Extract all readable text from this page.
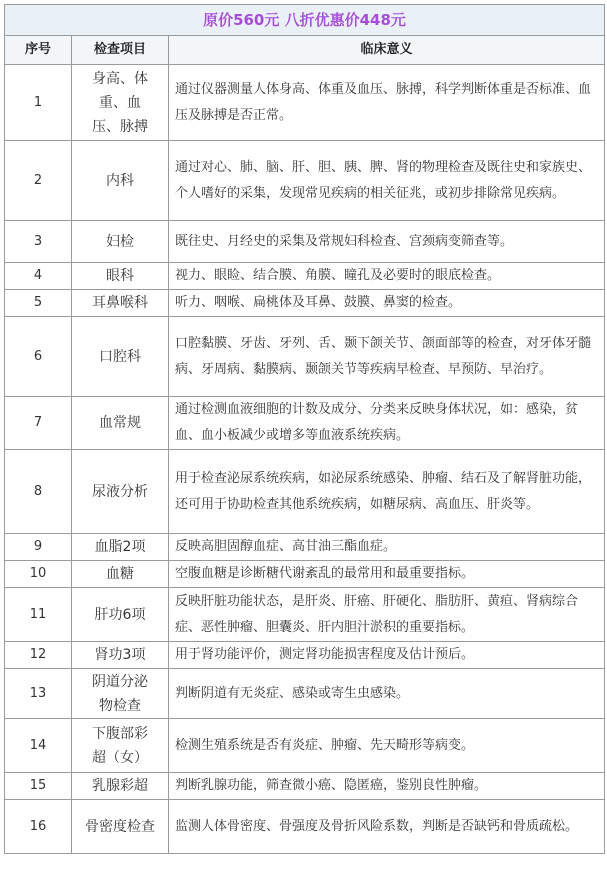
原价560元 八折优惠价448元		
序号	检查项目	临床意义
1	身高、体重、血压、脉搏	通过仪器测量人体身高、体重及血压、脉搏，科学判断体重是否标准、血压及脉搏是否正常。
2	内科	通过对心、肺、脑、肝、胆、胰、脾、肾的物理检查及既往史和家族史、个人嗜好的采集，发现常见疾病的相关征兆，或初步排除常见疾病。
3	妇检	既往史、月经史的采集及常规妇科检查、宫颈病变筛查等。
4	眼科	视力、眼睑、结合膜、角膜、瞳孔及必要时的眼底检查。
5	耳鼻喉科	听力、咽喉、扁桃体及耳鼻、鼓膜、鼻窦的检查。
6	口腔科	口腔黏膜、牙齿、牙列、舌、颞下颌关节、颌面部等的检查，对牙体牙髓病、牙周病、黏膜病、颞颌关节等疾病早检查、早预防、早治疗。
7	血常规	通过检测血液细胞的计数及成分、分类来反映身体状况，如：感染，贫血、血小板减少或增多等血液系统疾病。
8	尿液分析	用于检查泌尿系统疾病，如泌尿系统感染、肿瘤、结石及了解肾脏功能，还可用于协助检查其他系统疾病，如糖尿病、高血压、肝炎等。
9	血脂2项	反映高胆固醇血症、高甘油三酯血症。
10	血糖	空腹血糖是诊断糖代谢紊乱的最常用和最重要指标。
11	肝功6项	反映肝脏功能状态，是肝炎、肝癌、肝硬化、脂肪肝、黄疸、肾病综合症、恶性肿瘤、胆囊炎、肝内胆汁淤积的重要指标。
12	肾功3项	用于肾功能评价，测定肾功能损害程度及估计预后。
13	阴道分泌物检查	判断阴道有无炎症、感染或寄生虫感染。
14	下腹部彩超（女）	检测生殖系统是否有炎症、肿瘤、先天畸形等病变。
15	乳腺彩超	判断乳腺功能，筛查微小癌、隐匿癌，鉴别良性肿瘤。
16	骨密度检查	监测人体骨密度、骨强度及骨折风险系数，判断是否缺钙和骨质疏松。
